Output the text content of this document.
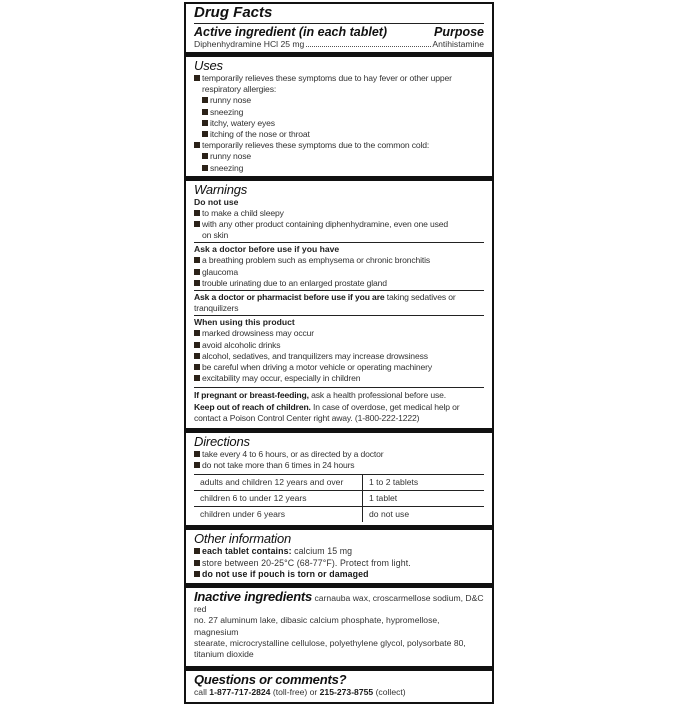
Drug Facts
Active ingredient (in each tablet)	Purpose
Diphenhydramine HCl 25 mg	Antihistamine
Uses
temporarily relieves these symptoms due to hay fever or other upper
respiratory allergies:
runny nose
sneezing
itchy, watery eyes
itching of the nose or throat
temporarily relieves these symptoms due to the common cold:
runny nose
sneezing
Warnings
Do not use
to make a child sleepy
with any other product containing diphenhydramine, even one used
on skin
Ask a doctor before use if you have
a breathing problem such as emphysema or chronic bronchitis
glaucoma
trouble urinating due to an enlarged prostate gland
Ask a doctor or pharmacist before use if you are taking sedatives or
tranquilizers
When using this product
marked drowsiness may occur
avoid alcoholic drinks
alcohol, sedatives, and tranquilizers may increase drowsiness
be careful when driving a motor vehicle or operating machinery
excitability may occur, especially in children
If pregnant or breast-feeding, ask a health professional before use.
Keep out of reach of children. In case of overdose, get medical help or
contact a Poison Control Center right away. (1-800-222-1222)
Directions
take every 4 to 6 hours, or as directed by a doctor
do not take more than 6 times in 24 hours
adults and children 12 years and over	1 to 2 tablets
children 6 to under 12 years	1 tablet
children under 6 years	do not use
Other information
each tablet contains: calcium 15 mg
store between 20-25°C (68-77°F). Protect from light.
do not use if pouch is torn or damaged
Inactive ingredients carnauba wax, croscarmellose sodium, D&C red
no. 27 aluminum lake, dibasic calcium phosphate, hypromellose, magnesium
stearate, microcrystalline cellulose, polyethylene glycol, polysorbate 80,
titanium dioxide
Questions or comments?
call 1-877-717-2824 (toll-free) or 215-273-8755 (collect)
